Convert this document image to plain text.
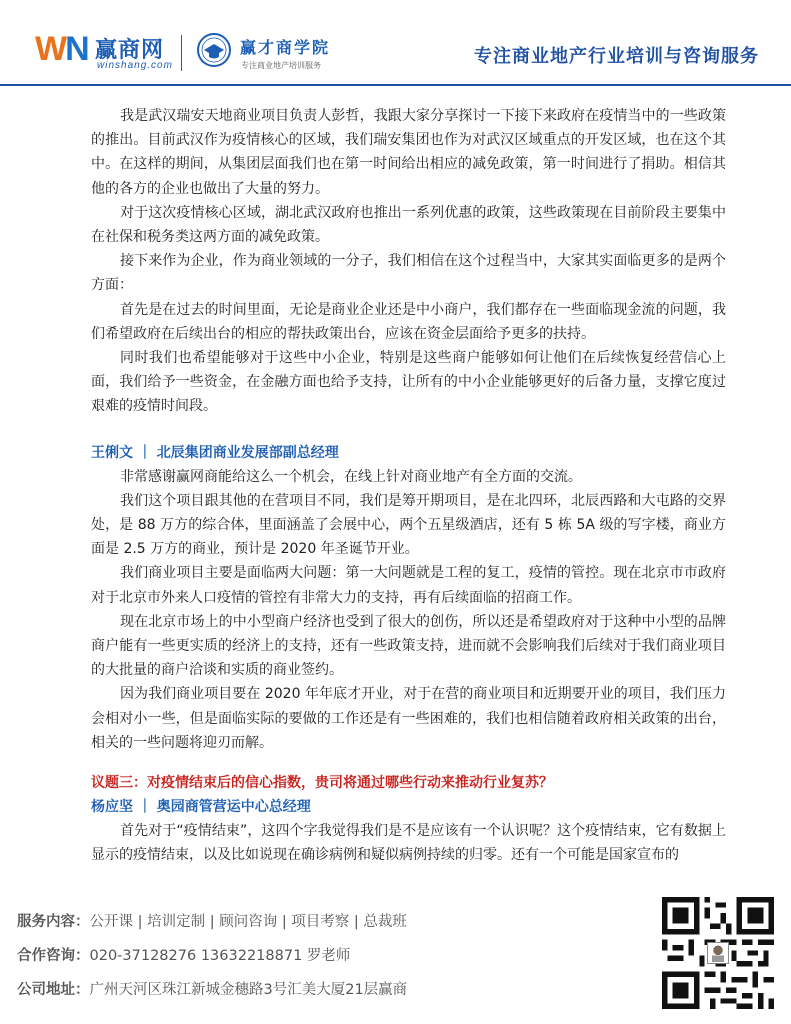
WN 赢商网
winshang.com
赢才商学院
专注商业地产培训服务	专注商业地产行业培训与咨询服务

我是武汉瑞安天地商业项目负责人彭哲，我跟大家分享探讨一下接下来政府在疫情当中的一些政策的推出。目前武汉作为疫情核心的区域，我们瑞安集团也作为对武汉区域重点的开发区域，也在这个其中。在这样的期间，从集团层面我们也在第一时间给出相应的减免政策，第一时间进行了捐助。相信其他的各方的企业也做出了大量的努力。

对于这次疫情核心区域，湖北武汉政府也推出一系列优惠的政策，这些政策现在目前阶段主要集中在社保和税务类这两方面的减免政策。

接下来作为企业，作为商业领域的一分子，我们相信在这个过程当中，大家其实面临更多的是两个方面：

首先是在过去的时间里面，无论是商业企业还是中小商户，我们都存在一些面临现金流的问题，我们希望政府在后续出台的相应的帮扶政策出台，应该在资金层面给予更多的扶持。

同时我们也希望能够对于这些中小企业，特别是这些商户能够如何让他们在后续恢复经营信心上面，我们给予一些资金，在金融方面也给予支持，让所有的中小企业能够更好的后备力量，支撑它度过艰难的疫情时间段。

王俐文 ｜ 北辰集团商业发展部副总经理

非常感谢赢网商能给这么一个机会，在线上针对商业地产有全方面的交流。

我们这个项目跟其他的在营项目不同，我们是筹开期项目，是在北四环，北辰西路和大屯路的交界处，是 88 万方的综合体，里面涵盖了会展中心，两个五星级酒店，还有 5 栋 5A 级的写字楼，商业方面是 2.5 万方的商业，预计是 2020 年圣诞节开业。

我们商业项目主要是面临两大问题：第一大问题就是工程的复工，疫情的管控。现在北京市市政府对于北京市外来人口疫情的管控有非常大力的支持，再有后续面临的招商工作。

现在北京市场上的中小型商户经济也受到了很大的创伤，所以还是希望政府对于这种中小型的品牌商户能有一些更实质的经济上的支持，还有一些政策支持，进而就不会影响我们后续对于我们商业项目的大批量的商户洽谈和实质的商业签约。

因为我们商业项目要在 2020 年年底才开业，对于在营的商业项目和近期要开业的项目，我们压力会相对小一些，但是面临实际的要做的工作还是有一些困难的，我们也相信随着政府相关政策的出台，相关的一些问题将迎刃而解。

议题三：对疫情结束后的信心指数，贵司将通过哪些行动来推动行业复苏？

杨应坚 ｜ 奥园商管营运中心总经理

首先对于“疫情结束”，这四个字我觉得我们是不是应该有一个认识呢？这个疫情结束，它有数据上显示的疫情结束，以及比如说现在确诊病例和疑似病例持续的归零。还有一个可能是国家宣布的

服务内容：公开课 | 培训定制 | 顾问咨询 | 项目考察 | 总裁班
合作咨询：020-37128276 13632218871 罗老师
公司地址：广州天河区珠江新城金穗路3号汇美大厦21层赢商
